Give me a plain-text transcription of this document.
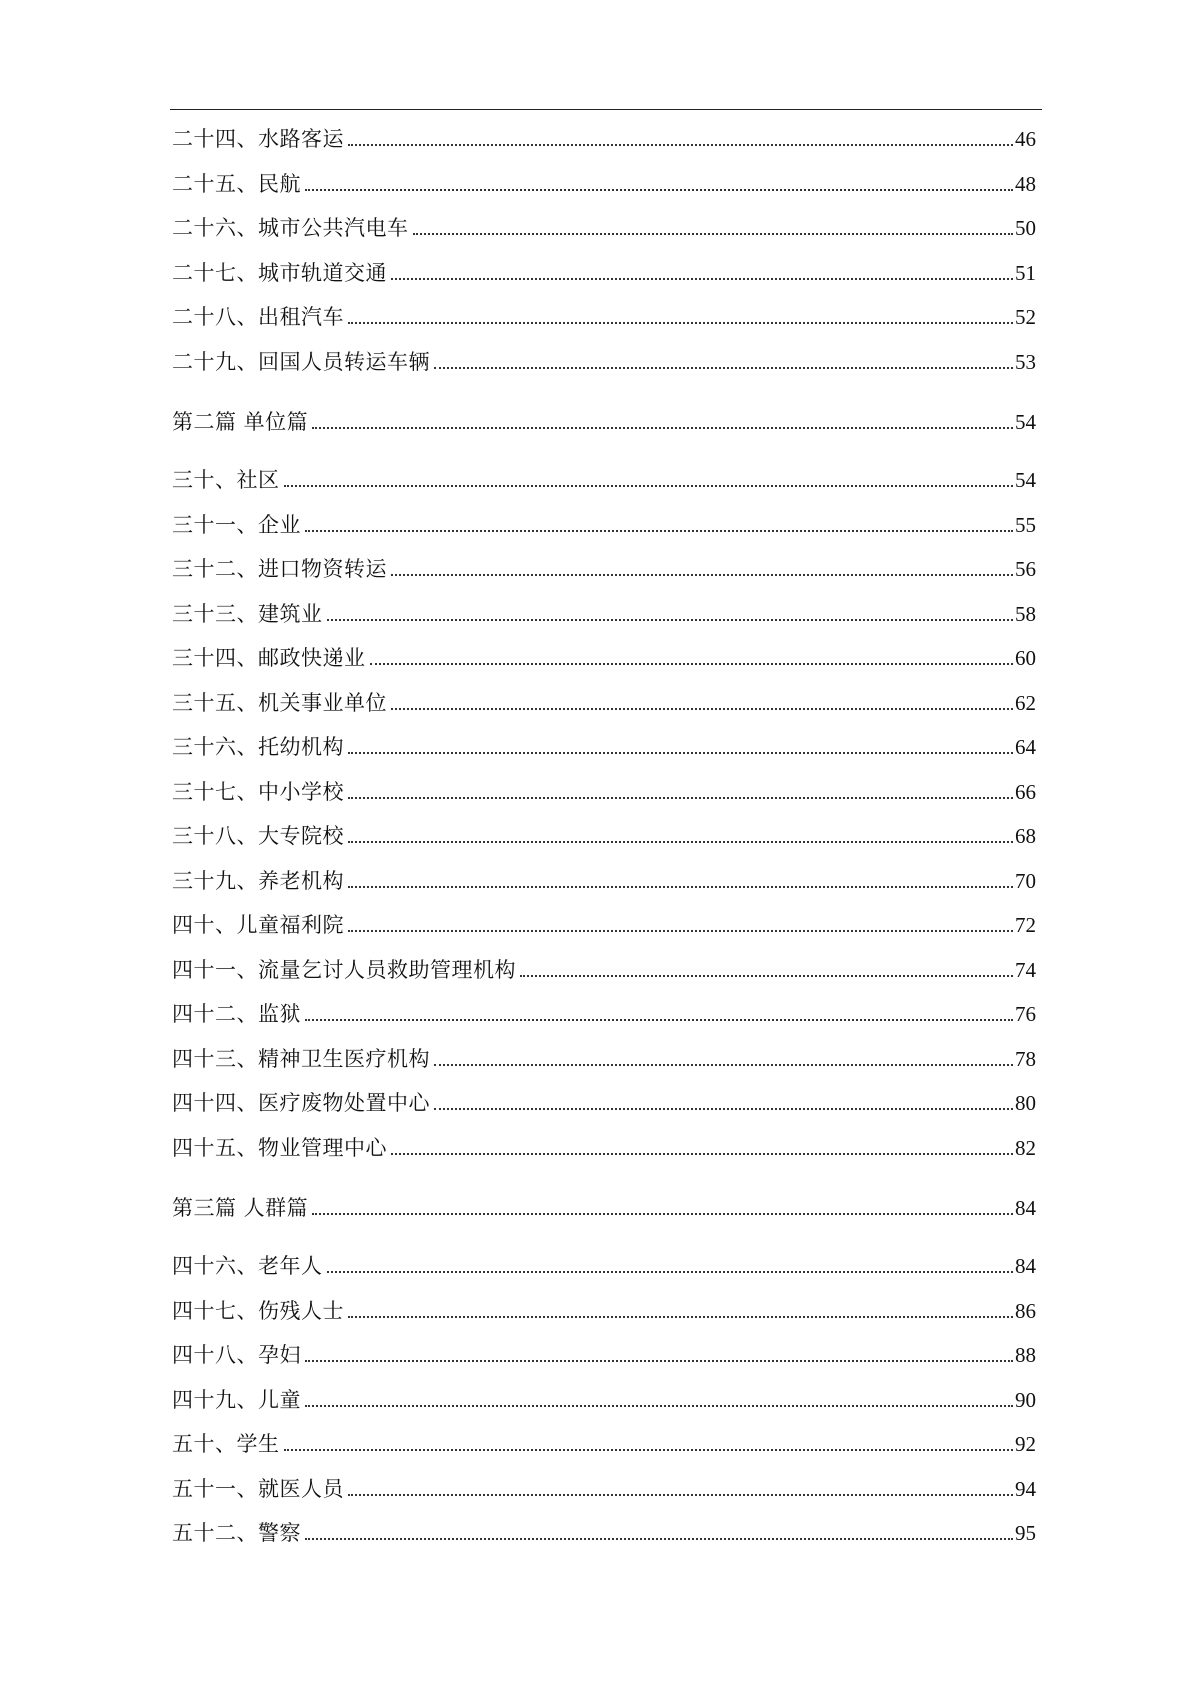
二十四、水路客运	46
二十五、民航	48
二十六、城市公共汽电车	50
二十七、城市轨道交通	51
二十八、出租汽车	52
二十九、回国人员转运车辆	53
第二篇 单位篇	54
三十、社区	54
三十一、企业	55
三十二、进口物资转运	56
三十三、建筑业	58
三十四、邮政快递业	60
三十五、机关事业单位	62
三十六、托幼机构	64
三十七、中小学校	66
三十八、大专院校	68
三十九、养老机构	70
四十、儿童福利院	72
四十一、流量乞讨人员救助管理机构	74
四十二、监狱	76
四十三、精神卫生医疗机构	78
四十四、医疗废物处置中心	80
四十五、物业管理中心	82
第三篇 人群篇	84
四十六、老年人	84
四十七、伤残人士	86
四十八、孕妇	88
四十九、儿童	90
五十、学生	92
五十一、就医人员	94
五十二、警察	95
